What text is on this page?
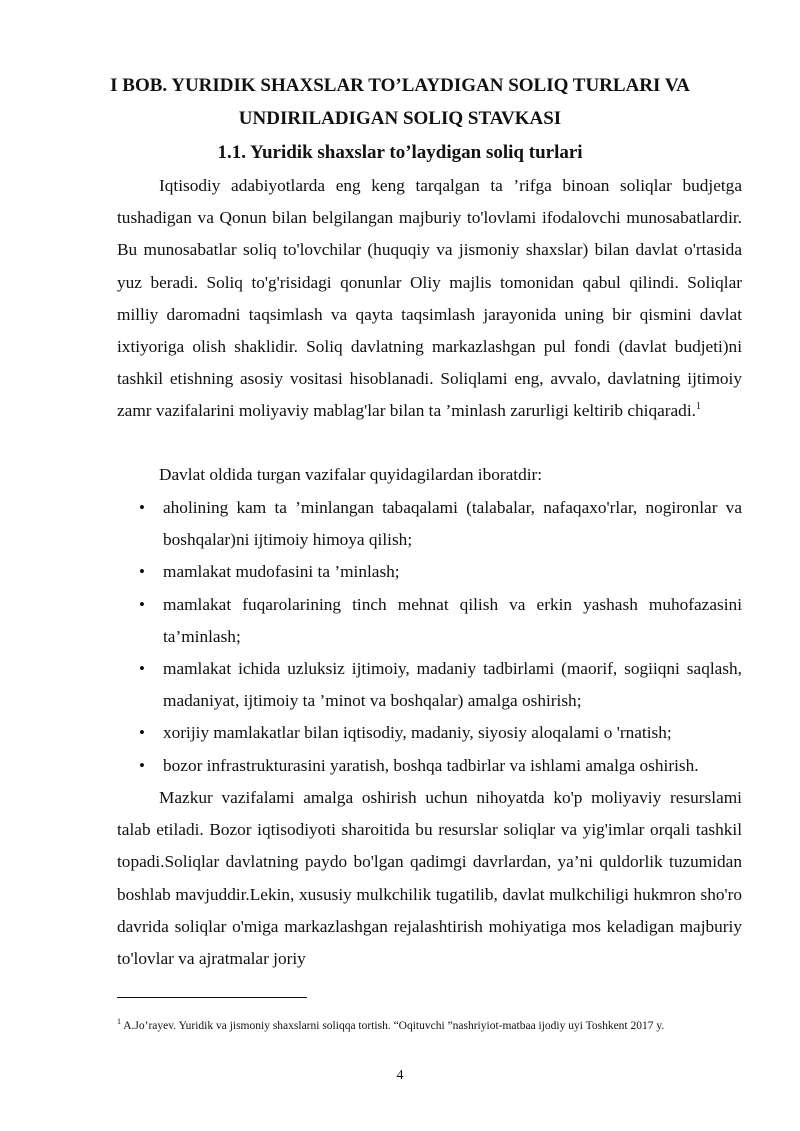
I BOB. YURIDIK SHAXSLAR TO’LAYDIGAN SOLIQ TURLARI VA
UNDIRILADIGAN SOLIQ STAVKASI
1.1. Yuridik shaxslar to’laydigan soliq turlari

Iqtisodiy adabiyotlarda eng keng tarqalgan ta ’rifga binoan soliqlar budjetga tushadigan va Qonun bilan belgilangan majburiy to'lovlami ifodalovchi munosabatlardir. Bu munosabatlar soliq to'lovchilar (huquqiy va jismoniy shaxslar) bilan davlat o'rtasida yuz beradi. Soliq to'g'risidagi qonunlar Oliy majlis tomonidan qabul qilindi. Soliqlar milliy daromadni taqsimlash va qayta taqsimlash jarayonida uning bir qismini davlat ixtiyoriga olish shaklidir. Soliq davlatning markazlashgan pul fondi (davlat budjeti)ni tashkil etishning asosiy vositasi hisoblanadi. Soliqlami eng, avvalo, davlatning ijtimoiy zamr vazifalarini moliyaviy mablag'lar bilan ta ’minlash zarurligi keltirib chiqaradi.$^1$

Davlat oldida turgan vazifalar quyidagilardan iboratdir:

• aholining kam ta ’minlangan tabaqalami (talabalar, nafaqaxo'rlar, nogironlar va boshqalar)ni ijtimoiy himoya qilish;
• mamlakat mudofasini ta ’minlash;
• mamlakat fuqarolarining tinch mehnat qilish va erkin yashash muhofazasini ta’minlash;
• mamlakat ichida uzluksiz ijtimoiy, madaniy tadbirlami (maorif, sogiiqni saqlash, madaniyat, ijtimoiy ta ’minot va boshqalar) amalga oshirish;
• xorijiy mamlakatlar bilan iqtisodiy, madaniy, siyosiy aloqalami o 'rnatish;
• bozor infrastrukturasini yaratish, boshqa tadbirlar va ishlami amalga oshirish.

Mazkur vazifalami amalga oshirish uchun nihoyatda ko'p moliyaviy resurslami talab etiladi. Bozor iqtisodiyoti sharoitida bu resurslar soliqlar va yig'imlar orqali tashkil topadi.Soliqlar davlatning paydo bo'lgan qadimgi davrlardan, ya’ni quldorlik tuzumidan boshlab mavjuddir.Lekin, xususiy mulkchilik tugatilib, davlat mulkchiligi hukmron sho'ro davrida soliqlar o'miga markazlashgan rejalashtirish mohiyatiga mos keladigan majburiy to'lovlar va ajratmalar joriy

$^1$ A.Jo’rayev. Yuridik va jismoniy shaxslarni soliqqa tortish. “Oqituvchi ”nashriyiot-matbaa ijodiy uyi Toshkent 2017 y.

4
